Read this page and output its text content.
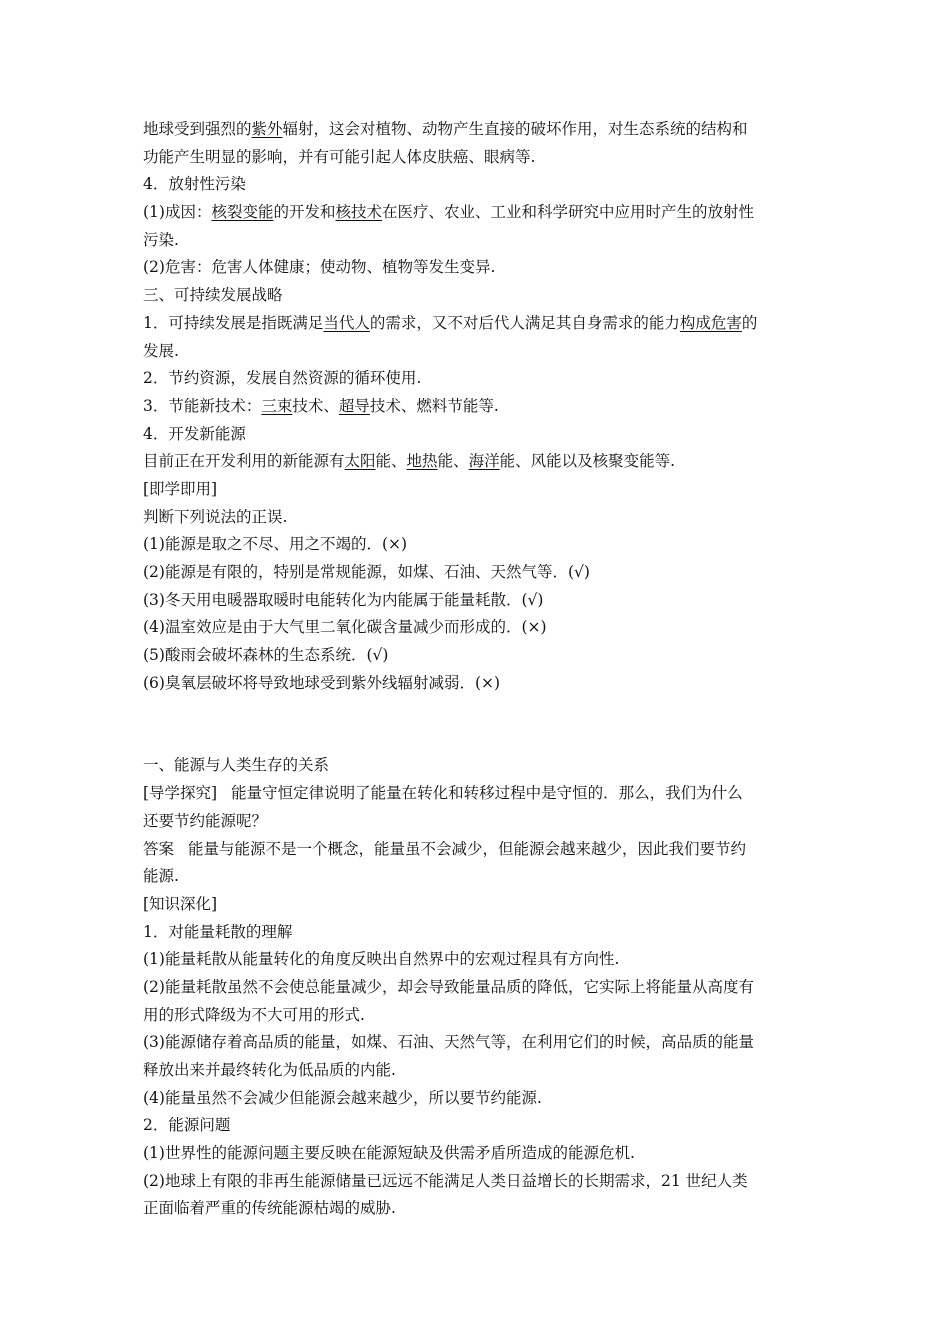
地球受到强烈的紫外辐射，这会对植物、动物产生直接的破坏作用，对生态系统的结构和
功能产生明显的影响，并有可能引起人体皮肤癌、眼病等.
4．放射性污染
(1)成因：核裂变能的开发和核技术在医疗、农业、工业和科学研究中应用时产生的放射性
污染.
(2)危害：危害人体健康；使动物、植物等发生变异.
三、可持续发展战略
1．可持续发展是指既满足当代人的需求，又不对后代人满足其自身需求的能力构成危害的
发展.
2．节约资源，发展自然资源的循环使用.
3．节能新技术：三束技术、超导技术、燃料节能等.
4．开发新能源
目前正在开发利用的新能源有太阳能、地热能、海洋能、风能以及核聚变能等.
[即学即用]
判断下列说法的正误.
(1)能源是取之不尽、用之不竭的．(×)
(2)能源是有限的，特别是常规能源，如煤、石油、天然气等．(√)
(3)冬天用电暖器取暖时电能转化为内能属于能量耗散．(√)
(4)温室效应是由于大气里二氧化碳含量减少而形成的．(×)
(5)酸雨会破坏森林的生态系统．(√)
(6)臭氧层破坏将导致地球受到紫外线辐射减弱．(×)
一、能源与人类生存的关系
[导学探究] 能量守恒定律说明了能量在转化和转移过程中是守恒的．那么，我们为什么
还要节约能源呢？
答案 能量与能源不是一个概念，能量虽不会减少，但能源会越来越少，因此我们要节约
能源.
[知识深化]
1．对能量耗散的理解
(1)能量耗散从能量转化的角度反映出自然界中的宏观过程具有方向性.
(2)能量耗散虽然不会使总能量减少，却会导致能量品质的降低，它实际上将能量从高度有
用的形式降级为不大可用的形式.
(3)能源储存着高品质的能量，如煤、石油、天然气等，在利用它们的时候，高品质的能量
释放出来并最终转化为低品质的内能.
(4)能量虽然不会减少但能源会越来越少，所以要节约能源.
2．能源问题
(1)世界性的能源问题主要反映在能源短缺及供需矛盾所造成的能源危机.
(2)地球上有限的非再生能源储量已远远不能满足人类日益增长的长期需求，21 世纪人类
正面临着严重的传统能源枯竭的威胁.
